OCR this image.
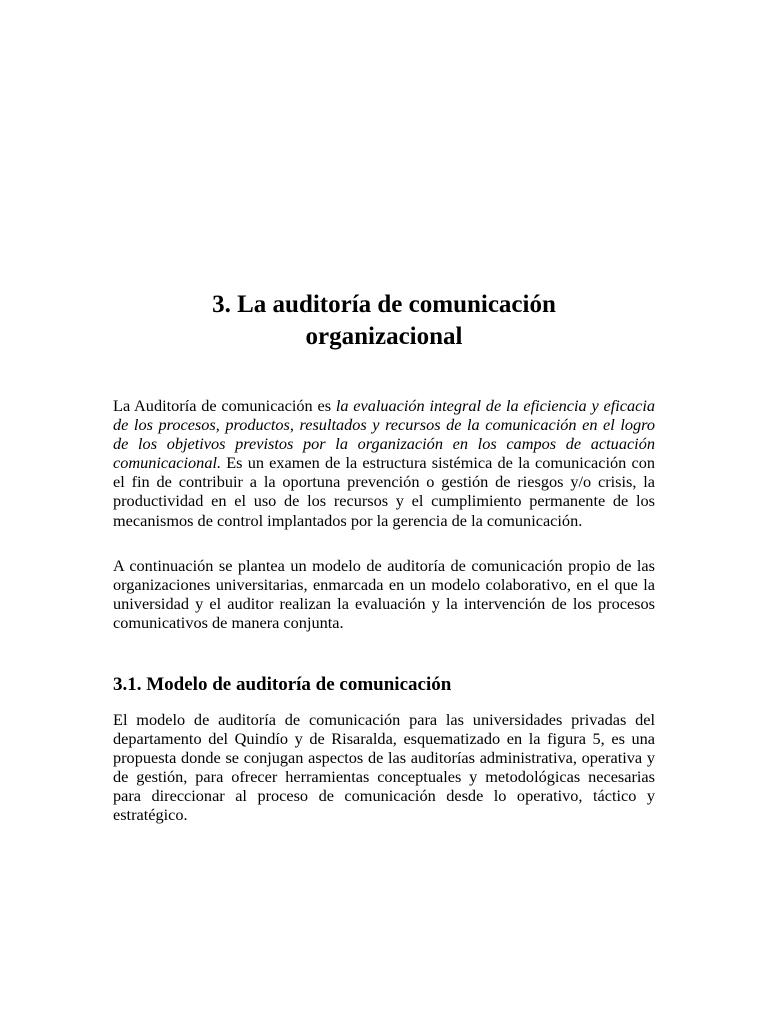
3. La auditoría de comunicación
organizacional

La Auditoría de comunicación es la evaluación integral de la eficiencia y eficacia de los procesos, productos, resultados y recursos de la comunicación en el logro de los objetivos previstos por la organización en los campos de actuación comunicacional. Es un examen de la estructura sistémica de la comunicación con el fin de contribuir a la oportuna prevención o gestión de riesgos y/o crisis, la productividad en el uso de los recursos y el cumplimiento permanente de los mecanismos de control implantados por la gerencia de la comunicación.

A continuación se plantea un modelo de auditoría de comunicación propio de las organizaciones universitarias, enmarcada en un modelo colaborativo, en el que la universidad y el auditor realizan la evaluación y la intervención de los procesos comunicativos de manera conjunta.

3.1. Modelo de auditoría de comunicación

El modelo de auditoría de comunicación para las universidades privadas del departamento del Quindío y de Risaralda, esquematizado en la figura 5, es una propuesta donde se conjugan aspectos de las auditorías administrativa, operativa y de gestión, para ofrecer herramientas conceptuales y metodológicas necesarias para direccionar al proceso de comunicación desde lo operativo, táctico y estratégico.
